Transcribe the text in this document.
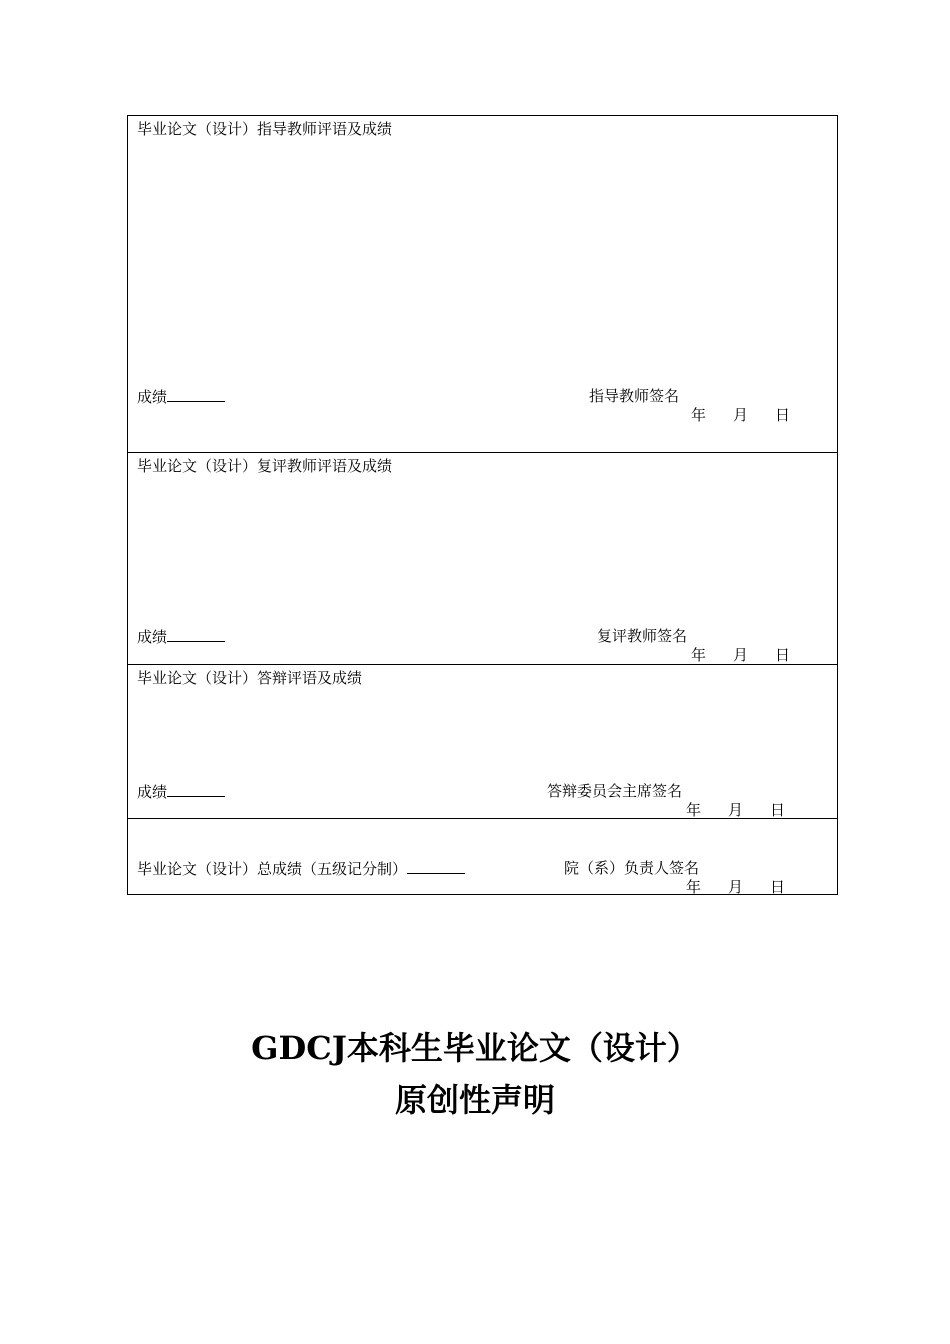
毕业论文（设计）指导教师评语及成绩
成绩	指导教师签名
年	月	日
毕业论文（设计）复评教师评语及成绩
成绩	复评教师签名
年	月	日
毕业论文（设计）答辩评语及成绩
成绩	答辩委员会主席签名
年	月	日
毕业论文（设计）总成绩（五级记分制）	院（系）负责人签名
年	月	日
GDCJ本科生毕业论文（设计）
原创性声明
